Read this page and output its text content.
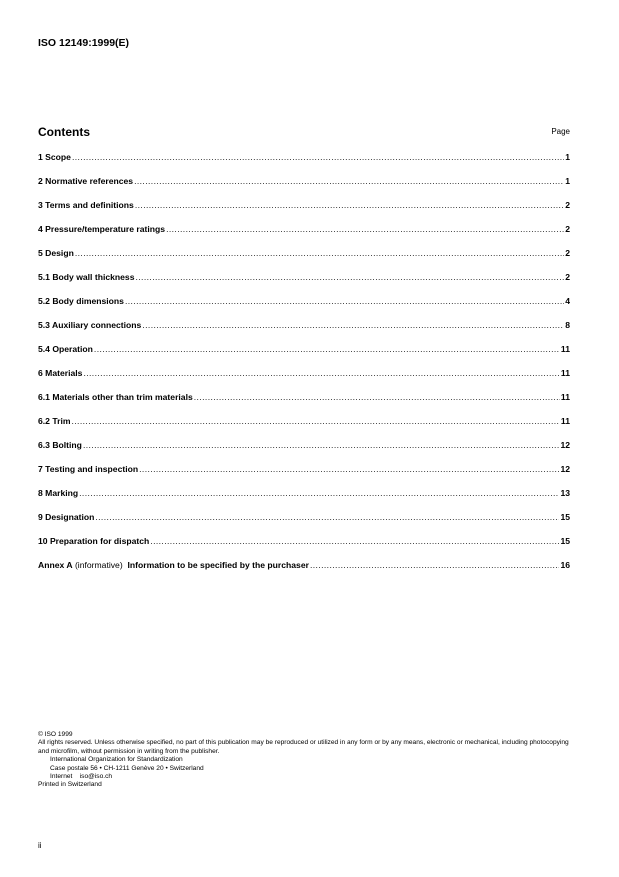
ISO 12149:1999(E)
Contents	Page
1 Scope .....	1
2 Normative references .....	1
3 Terms and definitions .....	2
4 Pressure/temperature ratings .....	2
5 Design .....	2
5.1 Body wall thickness .....	2
5.2 Body dimensions .....	4
5.3 Auxiliary connections .....	8
5.4 Operation .....	11
6 Materials .....	11
6.1 Materials other than trim materials .....	11
6.2 Trim .....	11
6.3 Bolting .....	12
7 Testing and inspection .....	12
8 Marking .....	13
9 Designation .....	15
10 Preparation for dispatch .....	15
Annex A
(informative)
Information to be specified by the purchaser .....	16
© ISO 1999
All rights reserved. Unless otherwise specified, no part of this publication may be reproduced or utilized in any form or by any means, electronic or mechanical, including photocopying and microfilm, without permission in writing from the publisher.
International Organization for Standardization
Case postale 56 • CH-1211 Genève 20 • Switzerland
Internet iso@iso.ch
Printed in Switzerland
ii
